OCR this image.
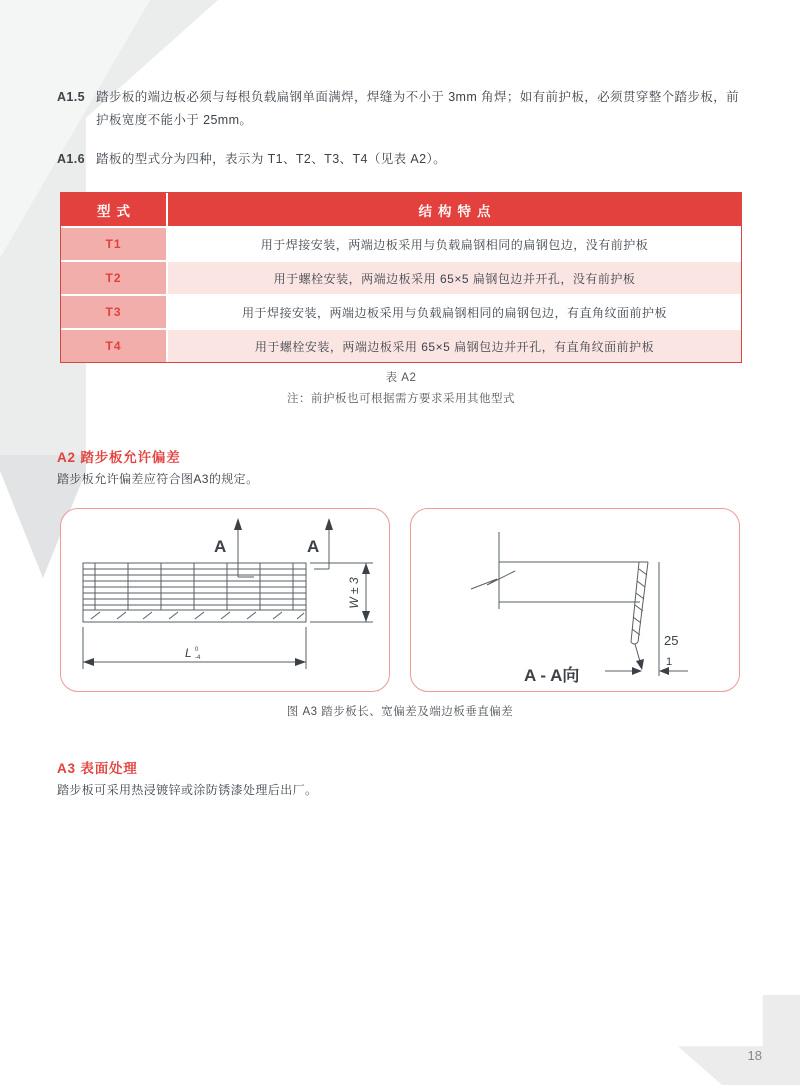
A1.5 踏步板的端边板必须与每根负载扁钢单面满焊，焊缝为不小于 3mm 角焊；如有前护板，必须贯穿整个踏步板，前护板宽度不能小于 25mm。
A1.6 踏板的型式分为四种，表示为 T1、T2、T3、T4（见表 A2）。
型式	结构特点
T1	用于焊接安装，两端边板采用与负载扁钢相同的扁钢包边，没有前护板
T2	用于螺栓安装，两端边板采用 65×5 扁钢包边并开孔，没有前护板
T3	用于焊接安装，两端边板采用与负载扁钢相同的扁钢包边，有直角纹面前护板
T4	用于螺栓安装，两端边板采用 65×5 扁钢包边并开孔，有直角纹面前护板
表 A2
注：前护板也可根据需方要求采用其他型式
A2 踏步板允许偏差
踏步板允许偏差应符合图A3的规定。
A	A
W ± 3
L 0
-4
25
1
A - A向
图 A3 踏步板长、宽偏差及端边板垂直偏差
A3 表面处理
踏步板可采用热浸镀锌或涂防锈漆处理后出厂。
18
